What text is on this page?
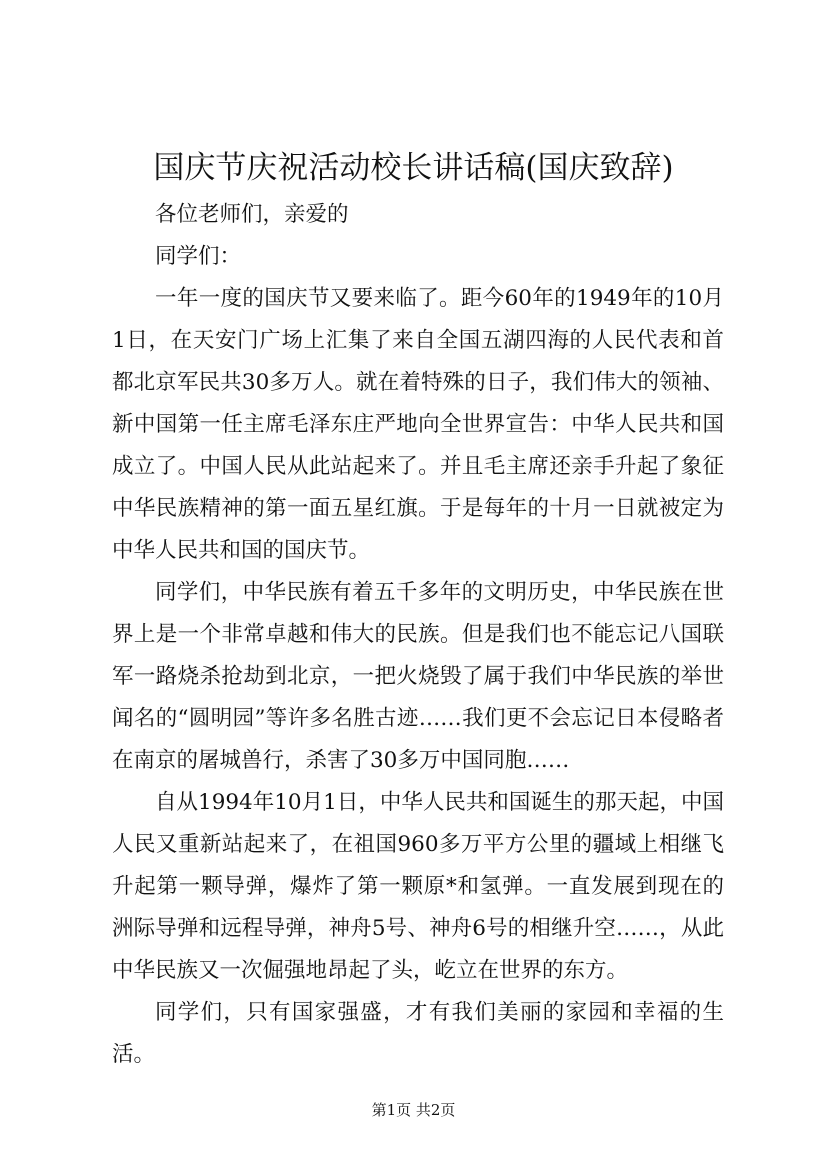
国庆节庆祝活动校长讲话稿(国庆致辞)

各位老师们，亲爱的

同学们：

一年一度的国庆节又要来临了。距今60年的1949年的10月1日，在天安门广场上汇集了来自全国五湖四海的人民代表和首都北京军民共30多万人。就在着特殊的日子，我们伟大的领袖、新中国第一任主席毛泽东庄严地向全世界宣告：中华人民共和国成立了。中国人民从此站起来了。并且毛主席还亲手升起了象征中华民族精神的第一面五星红旗。于是每年的十月一日就被定为中华人民共和国的国庆节。

同学们，中华民族有着五千多年的文明历史，中华民族在世界上是一个非常卓越和伟大的民族。但是我们也不能忘记八国联军一路烧杀抢劫到北京，一把火烧毁了属于我们中华民族的举世闻名的“圆明园”等许多名胜古迹……我们更不会忘记日本侵略者在南京的屠城兽行，杀害了30多万中国同胞……

自从1994年10月1日，中华人民共和国诞生的那天起，中国人民又重新站起来了，在祖国960多万平方公里的疆域上相继飞升起第一颗导弹，爆炸了第一颗原*和氢弹。一直发展到现在的洲际导弹和远程导弹，神舟5号、神舟6号的相继升空……，从此中华民族又一次倔强地昂起了头，屹立在世界的东方。

同学们，只有国家强盛，才有我们美丽的家园和幸福的生活。

第1页 共2页
